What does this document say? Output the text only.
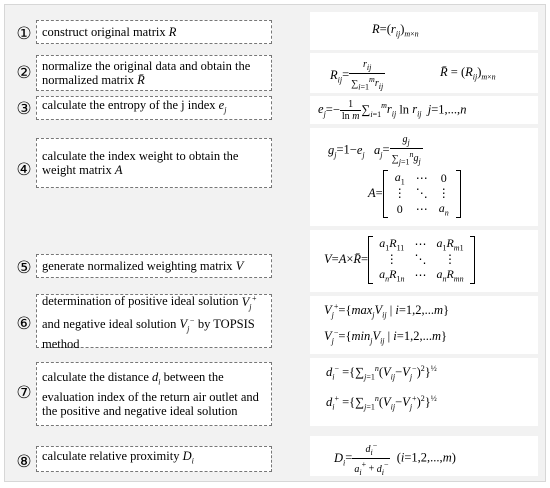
① construct original matrix R	$R=(r_{ij})_{m\times n}$
② normalize the original data and obtain the normalized matrix R̄	$R_{ij}= \frac{r_{ij}}{\sum_{i=1}^mr_{ij}}$	R̄ = $(R_{ij})_{m\times n}$
③ calculate the entropy of the j index $e_j$	$e_j=- \frac{1}{\text{ln m}} \sum_{i=1}^mr_{ij}$ $\ln r_{ij}$ j=1,...,n
④
calculate the index weight to obtain the weight matrix A
$g_j=1-e_j$ $a_j= \frac{g_j}{\sum_{j=1}^ng_j}$
A=
$a_1$	⋯	0
⋮	⋱	⋮
0	⋯	$a_n$
⑤ generate normalized weighting matrix V
V=A×R̄=
$a_1R_{11}$	⋯	$a_1R_{m1}$
⋮	⋱	⋮
$a_nR_{1n}$	⋯	$a_nR_{mn}$
⑥
determination of positive ideal solution $V_j^+$ and negative ideal solution $V_j^-$ by TOPSIS method
$V_j^+=\{\max_jV_{ij}$ | i=1,2,...m}
$V_j^-=\{\min_jV_{ij}$ | i=1,2,...m}
⑦
calculate the distance $d_i$ between the evaluation index of the return air outlet and the positive and negative ideal solution
$d_i^- =\{\sum_{j=1}^n(V_{ij}-V_j^-)^2\}^{\frac{1}{2}}$
$d_i^+ =\{\sum_{j=1}^n(V_{ij}-V_j^+)^2\}^{\frac{1}{2}}$
⑧ calculate relative proximity $D_i$	$D_i= \frac{d_i^-}{a_i^+ + d_i^-} (i=1,2,...,m)$
